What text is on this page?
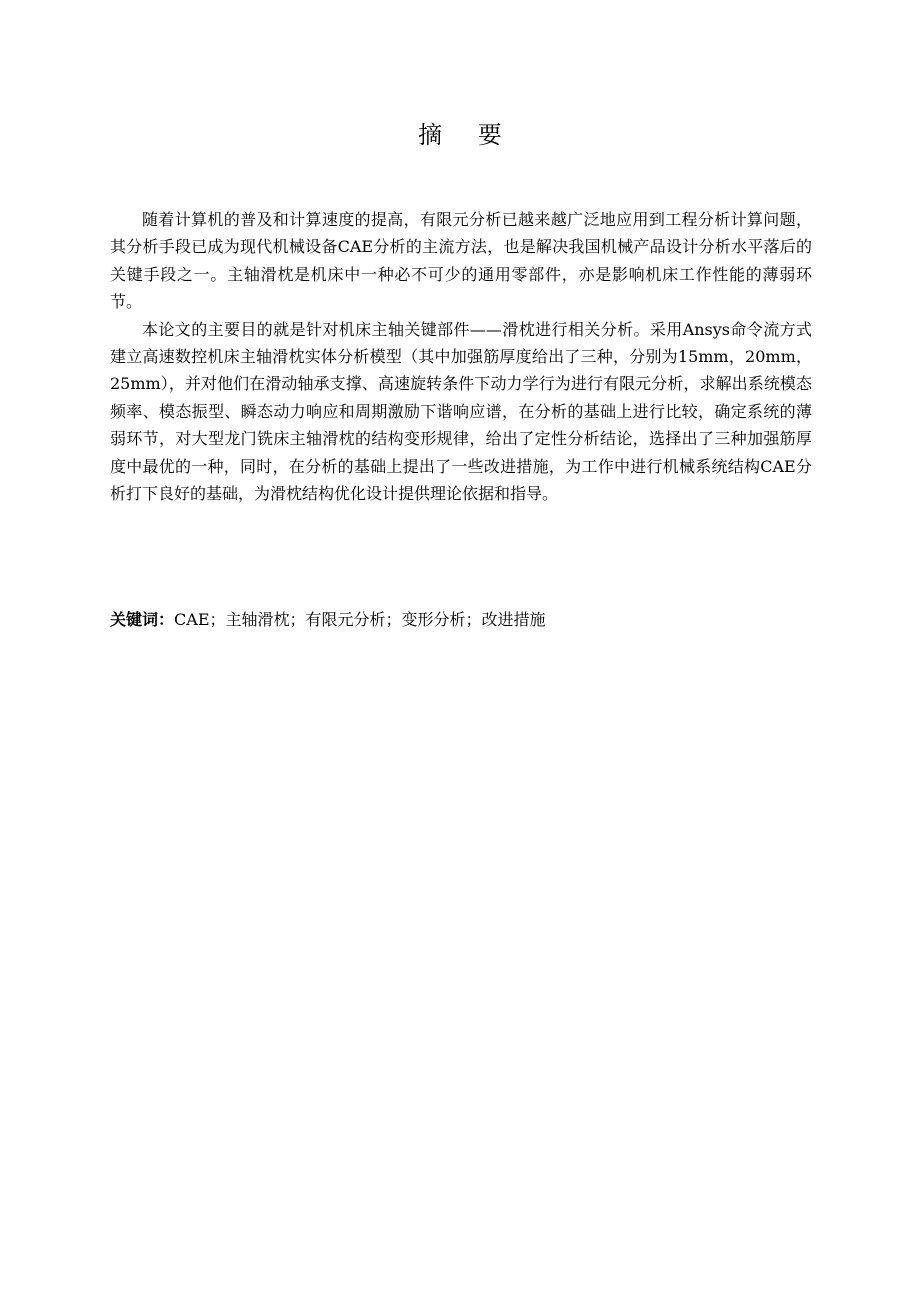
摘 要

随着计算机的普及和计算速度的提高，有限元分析已越来越广泛地应用到工程分析计算问题，其分析手段已成为现代机械设备CAE分析的主流方法，也是解决我国机械产品设计分析水平落后的关键手段之一。主轴滑枕是机床中一种必不可少的通用零部件，亦是影响机床工作性能的薄弱环节。

本论文的主要目的就是针对机床主轴关键部件——滑枕进行相关分析。采用Ansys命令流方式建立高速数控机床主轴滑枕实体分析模型（其中加强筋厚度给出了三种，分别为15mm，20mm，25mm），并对他们在滑动轴承支撑、高速旋转条件下动力学行为进行有限元分析，求解出系统模态频率、模态振型、瞬态动力响应和周期激励下谐响应谱，在分析的基础上进行比较，确定系统的薄弱环节，对大型龙门铣床主轴滑枕的结构变形规律，给出了定性分析结论，选择出了三种加强筋厚度中最优的一种，同时，在分析的基础上提出了一些改进措施，为工作中进行机械系统结构CAE分析打下良好的基础，为滑枕结构优化设计提供理论依据和指导。

关键词：CAE；主轴滑枕；有限元分析；变形分析；改进措施
